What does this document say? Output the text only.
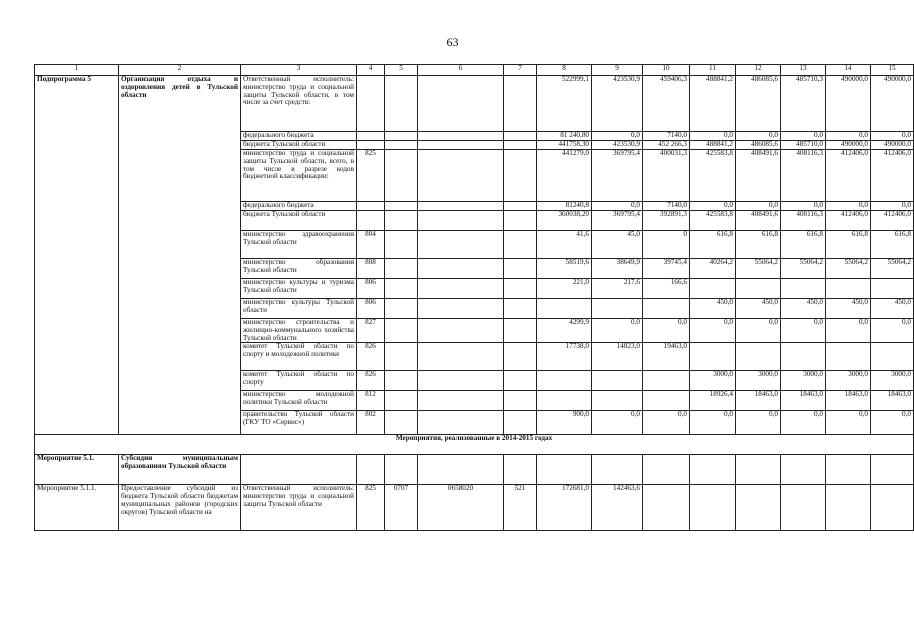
63
1	2	3	4	5	6	7	8	9	10	11	12	13	14	15
Подпрограмма 5	Организация отдыха и оздоровления детей в Тульской области	Ответственный исполнитель: министерство труда и социальной защиты Тульской области, в том числе за счет средств:					522999,1	423530,9	459406,3	488841,2	486085,6	485710,3	490000,0	490000,0
		федерального бюджета					81 240,80	0,0	7140,0	0,0	0,0	0,0	0,0	0,0
		бюджета Тульской области					441758,30	423530,9	452 266,3	488841,2	486085,6	485710,0	490000,0	490000,0
		министерство труда и социальной защиты Тульской области, всего, в том числе в разрезе кодов бюджетной классификации:	825				441279,0	369795,4	400031,3	425583,8	408491,6	408116,3	412406,0	412406,0
		федерального бюджета					81240,8	0,0	7140,0	0,0	0,0	0,0	0,0	0,0
		бюджета Тульской области					360038,20	369795,4	392891,3	425583,8	408491,6	408116,3	412406,0	412406,0
		министерство здравоохранения Тульской области	804				41,6	45,0	0	616,8	616,8	616,8	616,8	616,8
		министерство образования Тульской области	808				58519,6	38649,9	39745,4	40264,2	55064,2	55064,2	55064,2	55064,2
		министерство культуры и туризма Тульской области	806				221,0	217,6	166,6					
		министерство культуры Тульской области	806							450,0	450,0	450,0	450,0	450,0
		министерство строительства и жилищно-коммунального хозяйства Тульской области	827				4299,9	0,0	0,0	0,0	0,0	0,0	0,0	0,0
		комитет Тульской области по спорту и молодежной политике	826				17738,0	14823,0	19463,0					
		комитет Тульской области по спорту	826							3000,0	3000,0	3000,0	3000,0	3000,0
		министерство молодежной политики Тульской области	812							18926,4	18463,0	18463,0	18463,0	18463,0
		правительство Тульской области (ГКУ ТО «Сервис»)	802				900,0	0,0	0,0	0,0	0,0	0,0	0,0	0,0
Мероприятия, реализованные в 2014-2015 годах														
Мероприятие 5.1.	Субсидии муниципальным образованиям Тульской области													
Мероприятие 5.1.1.	Предоставление субсидий из бюджета Тульской области бюджетам муниципальных районов (городских округов) Тульской области на	Ответственный исполнитель: министерство труда и социальной защиты Тульской области	825	0707	0658020	521	172681,0	142463,6						
